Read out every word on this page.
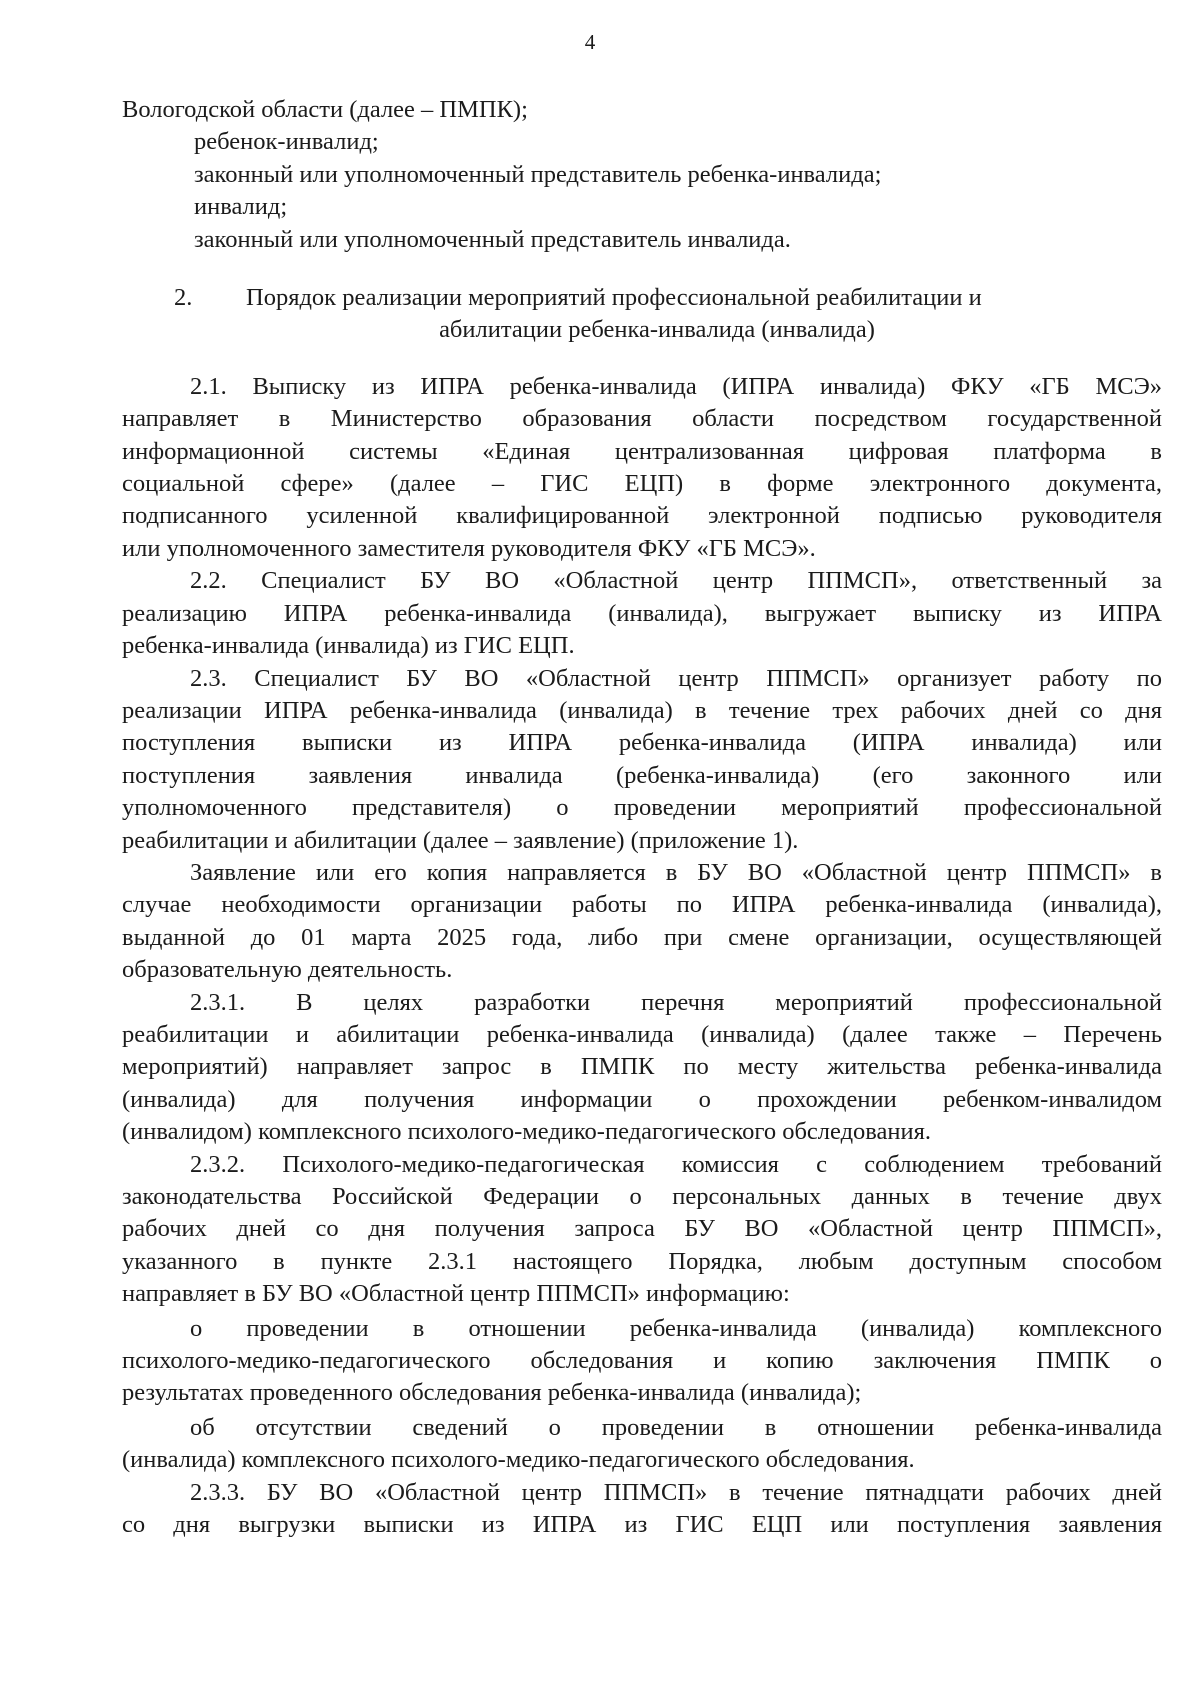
4
Вологодской области (далее – ПМПК);
ребенок-инвалид;
законный или уполномоченный представитель ребенка-инвалида;
инвалид;
законный или уполномоченный представитель инвалида.
2. Порядок реализации мероприятий профессиональной реабилитации и
абилитации ребенка-инвалида (инвалида)
2.1. Выписку из ИПРА ребенка-инвалида (ИПРА инвалида) ФКУ «ГБ МСЭ»
направляет в Министерство образования области посредством государственной
информационной системы «Единая централизованная цифровая платформа в
социальной сфере» (далее – ГИС ЕЦП) в форме электронного документа,
подписанного усиленной квалифицированной электронной подписью руководителя
или уполномоченного заместителя руководителя ФКУ «ГБ МСЭ».
2.2. Специалист БУ ВО «Областной центр ППМСП», ответственный за
реализацию ИПРА ребенка-инвалида (инвалида), выгружает выписку из ИПРА
ребенка-инвалида (инвалида) из ГИС ЕЦП.
2.3. Специалист БУ ВО «Областной центр ППМСП» организует работу по
реализации ИПРА ребенка-инвалида (инвалида) в течение трех рабочих дней со дня
поступления выписки из ИПРА ребенка-инвалида (ИПРА инвалида) или
поступления заявления инвалида (ребенка-инвалида) (его законного или
уполномоченного представителя) о проведении мероприятий профессиональной
реабилитации и абилитации (далее – заявление) (приложение 1).
Заявление или его копия направляется в БУ ВО «Областной центр ППМСП» в
случае необходимости организации работы по ИПРА ребенка-инвалида (инвалида),
выданной до 01 марта 2025 года, либо при смене организации, осуществляющей
образовательную деятельность.
2.3.1. В целях разработки перечня мероприятий профессиональной
реабилитации и абилитации ребенка-инвалида (инвалида) (далее также – Перечень
мероприятий) направляет запрос в ПМПК по месту жительства ребенка-инвалида
(инвалида) для получения информации о прохождении ребенком-инвалидом
(инвалидом) комплексного психолого-медико-педагогического обследования.
2.3.2. Психолого-медико-педагогическая комиссия с соблюдением требований
законодательства Российской Федерации о персональных данных в течение двух
рабочих дней со дня получения запроса БУ ВО «Областной центр ППМСП»,
указанного в пункте 2.3.1 настоящего Порядка, любым доступным способом
направляет в БУ ВО «Областной центр ППМСП» информацию:
о проведении в отношении ребенка-инвалида (инвалида) комплексного
психолого-медико-педагогического обследования и копию заключения ПМПК о
результатах проведенного обследования ребенка-инвалида (инвалида);
об отсутствии сведений о проведении в отношении ребенка-инвалида
(инвалида) комплексного психолого-медико-педагогического обследования.
2.3.3. БУ ВО «Областной центр ППМСП» в течение пятнадцати рабочих дней
со дня выгрузки выписки из ИПРА из ГИС ЕЦП или поступления заявления
